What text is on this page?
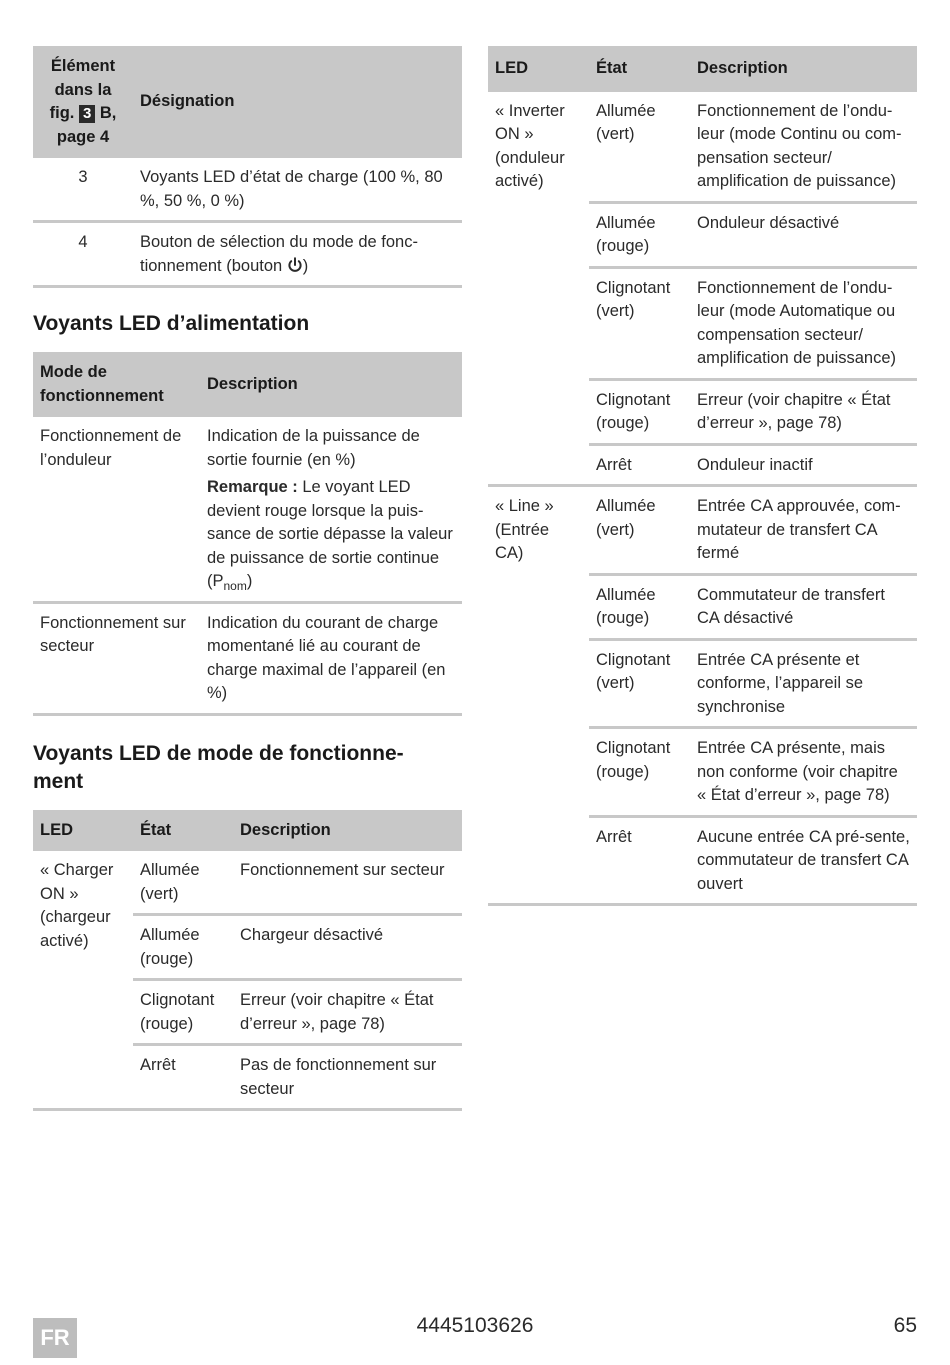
Élément
dans la
fig. 3 B,
page 4	Désignation
3	Voyants LED d’état de charge (100 %, 80 %, 50 %, 0 %)
4	Bouton de sélection du mode de fonc-tionnement (bouton )
Voyants LED d’alimentation
Mode de fonctionnement	Description
Fonctionnement de l’onduleur	Indication de la puissance de sortie fournie (en %)

Remarque : Le voyant LED devient rouge lorsque la puis-sance de sortie dépasse la valeur de puissance de sortie continue $(P_{nom})$

Fonctionnement sur secteur	Indication du courant de charge momentané lié au courant de charge maximal de l’appareil (en %)
Voyants LED de mode de fonctionne-ment
LED	État	Description
« Charger ON » (chargeur activé)	Allumée (vert)	Fonctionnement sur secteur
	Allumée (rouge)	Chargeur désactivé
	Clignotant (rouge)	Erreur (voir chapitre « État d’erreur », page 78)
	Arrêt	Pas de fonctionnement sur secteur
LED	État	Description
« Inverter ON » (onduleur activé)	Allumée (vert)	Fonctionnement de l’ondu-leur (mode Continu ou com-pensation secteur/ amplification de puissance)
	Allumée (rouge)	Onduleur désactivé
	Clignotant (vert)	Fonctionnement de l’ondu-leur (mode Automatique ou compensation secteur/ amplification de puissance)
	Clignotant (rouge)	Erreur (voir chapitre « État d’erreur », page 78)
	Arrêt	Onduleur inactif
« Line » (Entrée CA)	Allumée (vert)	Entrée CA approuvée, com-mutateur de transfert CA fermé
	Allumée (rouge)	Commutateur de transfert CA désactivé
	Clignotant (vert)	Entrée CA présente et conforme, l’appareil se synchronise
	Clignotant (rouge)	Entrée CA présente, mais non conforme (voir chapitre « État d’erreur », page 78)
	Arrêt	Aucune entrée CA pré-sente, commutateur de transfert CA ouvert
FR	4445103626	65
